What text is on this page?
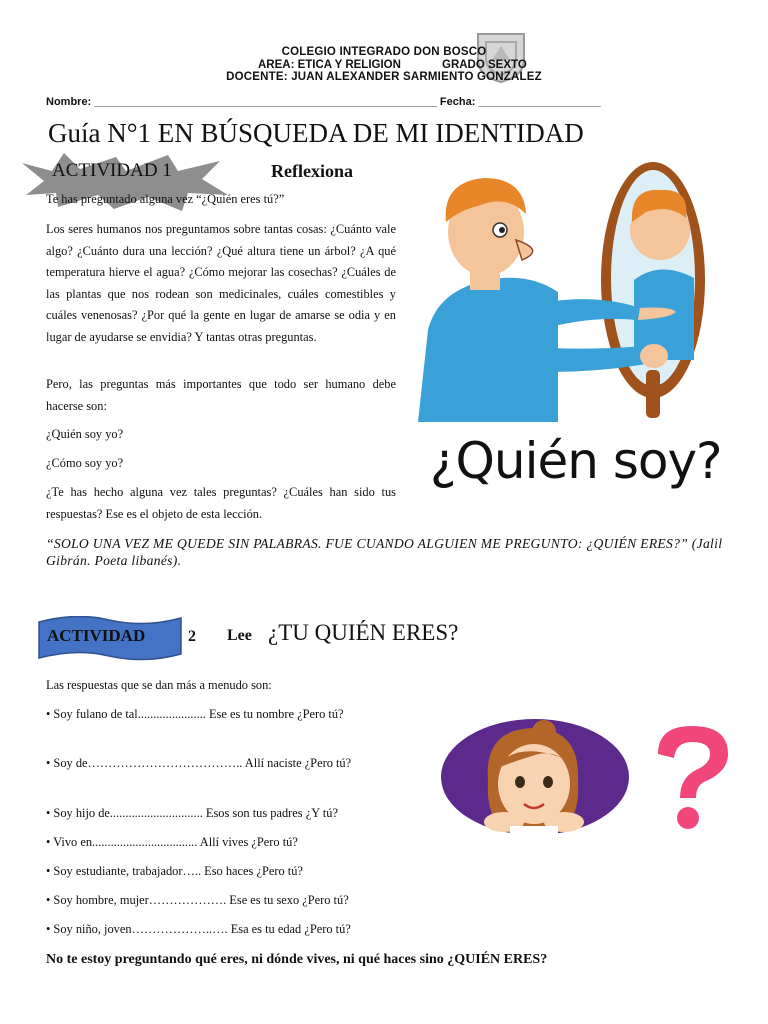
COLEGIO INTEGRADO DON BOSCO
AREA: ETICA Y RELIGION	GRADO SEXTO
DOCENTE: JUAN ALEXANDER SARMIENTO GONZALEZ
Nombre: ________________________________________________________ Fecha: ____________________
Guía N°1 EN BÚSQUEDA DE MI IDENTIDAD
ACTIVIDAD 1	Reflexiona
Te has preguntado alguna vez “¿Quién eres tú?”
Los seres humanos nos preguntamos sobre tantas cosas: ¿Cuánto vale algo? ¿Cuánto dura una lección? ¿Qué altura tiene un árbol? ¿A qué temperatura hierve el agua? ¿Cómo mejorar las cosechas? ¿Cuáles de las plantas que nos rodean son medicinales, cuáles comestibles y cuáles venenosas? ¿Por qué la gente en lugar de amarse se odia y en lugar de ayudarse se envidia? Y tantas otras preguntas.
Pero, las preguntas más importantes que todo ser humano debe hacerse son:
¿Quién soy yo?
¿Cómo soy yo?
¿Te has hecho alguna vez tales preguntas? ¿Cuáles han sido tus respuestas? Ese es el objeto de esta lección.
“SOLO UNA VEZ ME QUEDE SIN PALABRAS. FUE CUANDO ALGUIEN ME PREGUNTO: ¿QUIÉN ERES?” (Jalil Gibrán. Poeta libanés).
¿Quién soy?
ACTIVIDAD	2 Lee ¿TU QUIÉN ERES?
Las respuestas que se dan más a menudo son:
• Soy fulano de tal...................... Ese es tu nombre ¿Pero tú?
• Soy de……………………………….. Allí naciste ¿Pero tú?
• Soy hijo de.............................. Esos son tus padres ¿Y tú?
• Vivo en.................................. Allí vives ¿Pero tú?
• Soy estudiante, trabajador….. Eso haces ¿Pero tú?
• Soy hombre, mujer………………. Ese es tu sexo ¿Pero tú?
• Soy niño, joven………………..…. Esa es tu edad ¿Pero tú?
No te estoy preguntando qué eres, ni dónde vives, ni qué haces sino ¿QUIÉN ERES?
